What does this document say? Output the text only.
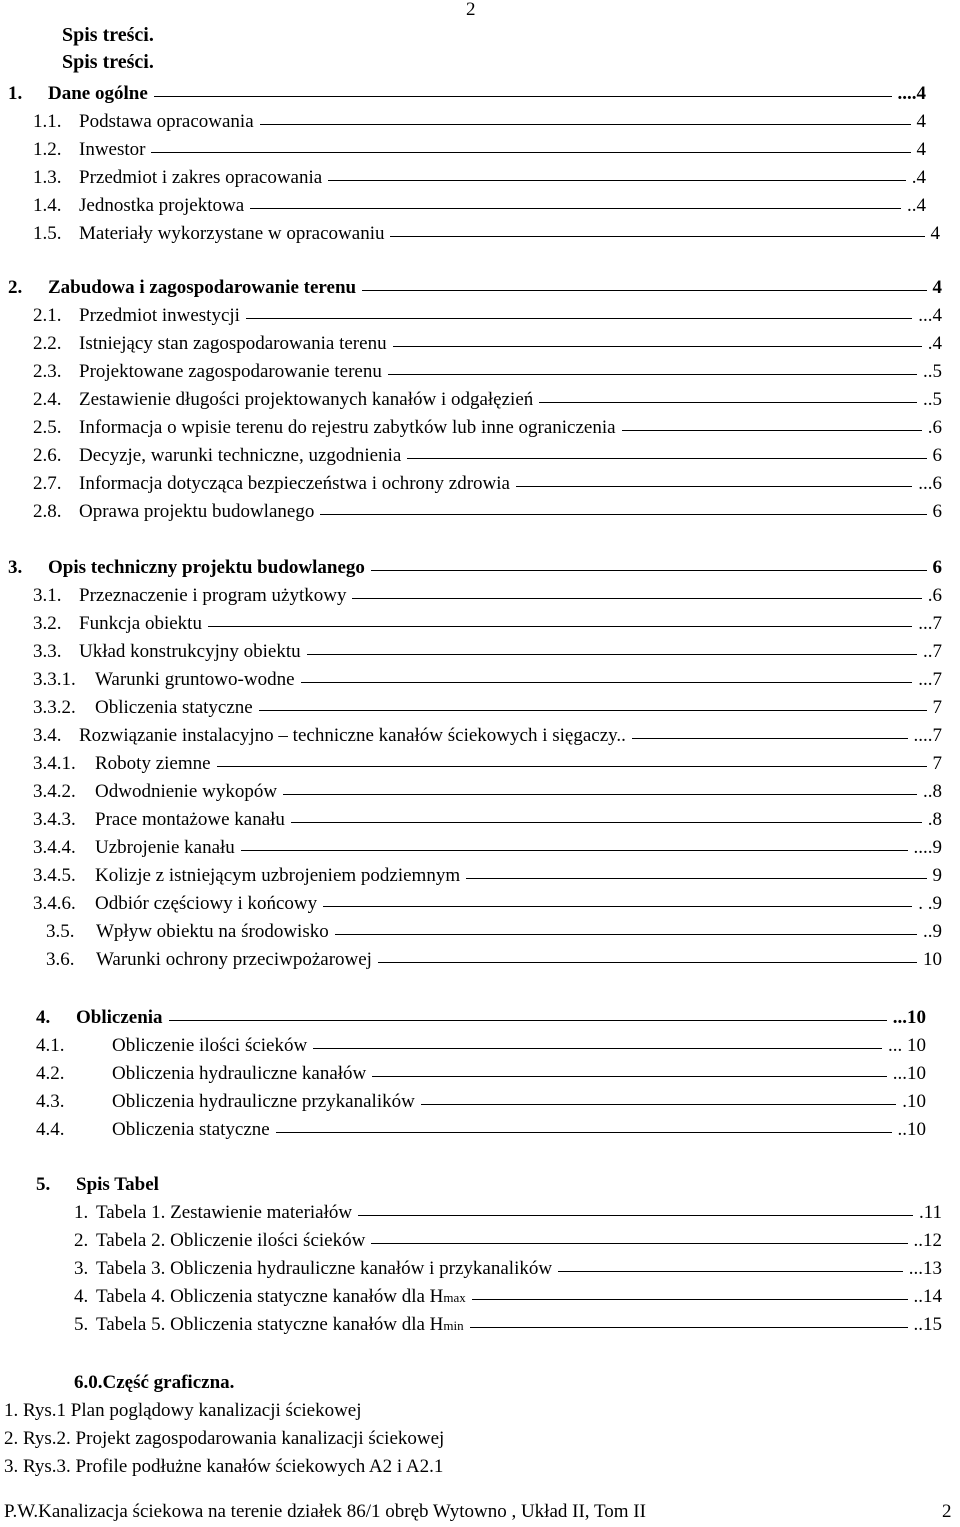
2
Spis treści.
Spis treści.
1.	Dane ogólne	....4
1.1. Podstawa opracowania	4
1.2. Inwestor	4
1.3. Przedmiot i zakres opracowania	.4
1.4. Jednostka projektowa	..4
1.5. Materiały wykorzystane w opracowaniu	4
2.	Zabudowa i zagospodarowanie terenu	4
2.1. Przedmiot inwestycji	...4
2.2. Istniejący stan zagospodarowania terenu	.4
2.3. Projektowane zagospodarowanie terenu	..5
2.4. Zestawienie długości projektowanych kanałów i odgałęzień	..5
2.5. Informacja o wpisie terenu do rejestru zabytków lub inne ograniczenia	.6
2.6. Decyzje, warunki techniczne, uzgodnienia	6
2.7. Informacja dotycząca bezpieczeństwa i ochrony zdrowia	...6
2.8. Oprawa projektu budowlanego	6
3.	Opis techniczny projektu budowlanego	6
3.1. Przeznaczenie i program użytkowy	.6
3.2. Funkcja obiektu	...7
3.3. Układ konstrukcyjny obiektu	..7
3.3.1.	Warunki gruntowo-wodne	...7
3.3.2.	Obliczenia statyczne	7
3.4. Rozwiązanie instalacyjno – techniczne kanałów ściekowych i sięgaczy..	....7
3.4.1.	Roboty ziemne	7
3.4.2.	Odwodnienie wykopów	..8
3.4.3.	Prace montażowe kanału	.8
3.4.4.	Uzbrojenie kanału	....9
3.4.5.	Kolizje z istniejącym uzbrojeniem podziemnym	9
3.4.6.	Odbiór częściowy i końcowy	. .9
3.5.	Wpływ obiektu na środowisko	..9
3.6.	Warunki ochrony przeciwpożarowej	10
4.	Obliczenia	...10
4.1.	Obliczenie ilości ścieków	... 10
4.2.	Obliczenia hydrauliczne kanałów	...10
4.3.	Obliczenia hydrauliczne przykanalików	.10
4.4.	Obliczenia statyczne	..10
5.	Spis Tabel
1. Tabela 1. Zestawienie materiałów	.11
2. Tabela 2. Obliczenie ilości ścieków	..12
3. Tabela 3. Obliczenia hydrauliczne kanałów i przykanalików	...13
4. Tabela 4. Obliczenia statyczne kanałów dla H max	..14
5. Tabela 5. Obliczenia statyczne kanałów dla H min	..15
6.0.Część graficzna.
1. Rys.1 Plan poglądowy kanalizacji ściekowej
2. Rys.2. Projekt zagospodarowania kanalizacji ściekowej
3. Rys.3. Profile podłużne kanałów ściekowych A2 i A2.1
P.W.Kanalizacja ściekowa na terenie działek 86/1 obręb Wytowno , Układ II, Tom II	2
